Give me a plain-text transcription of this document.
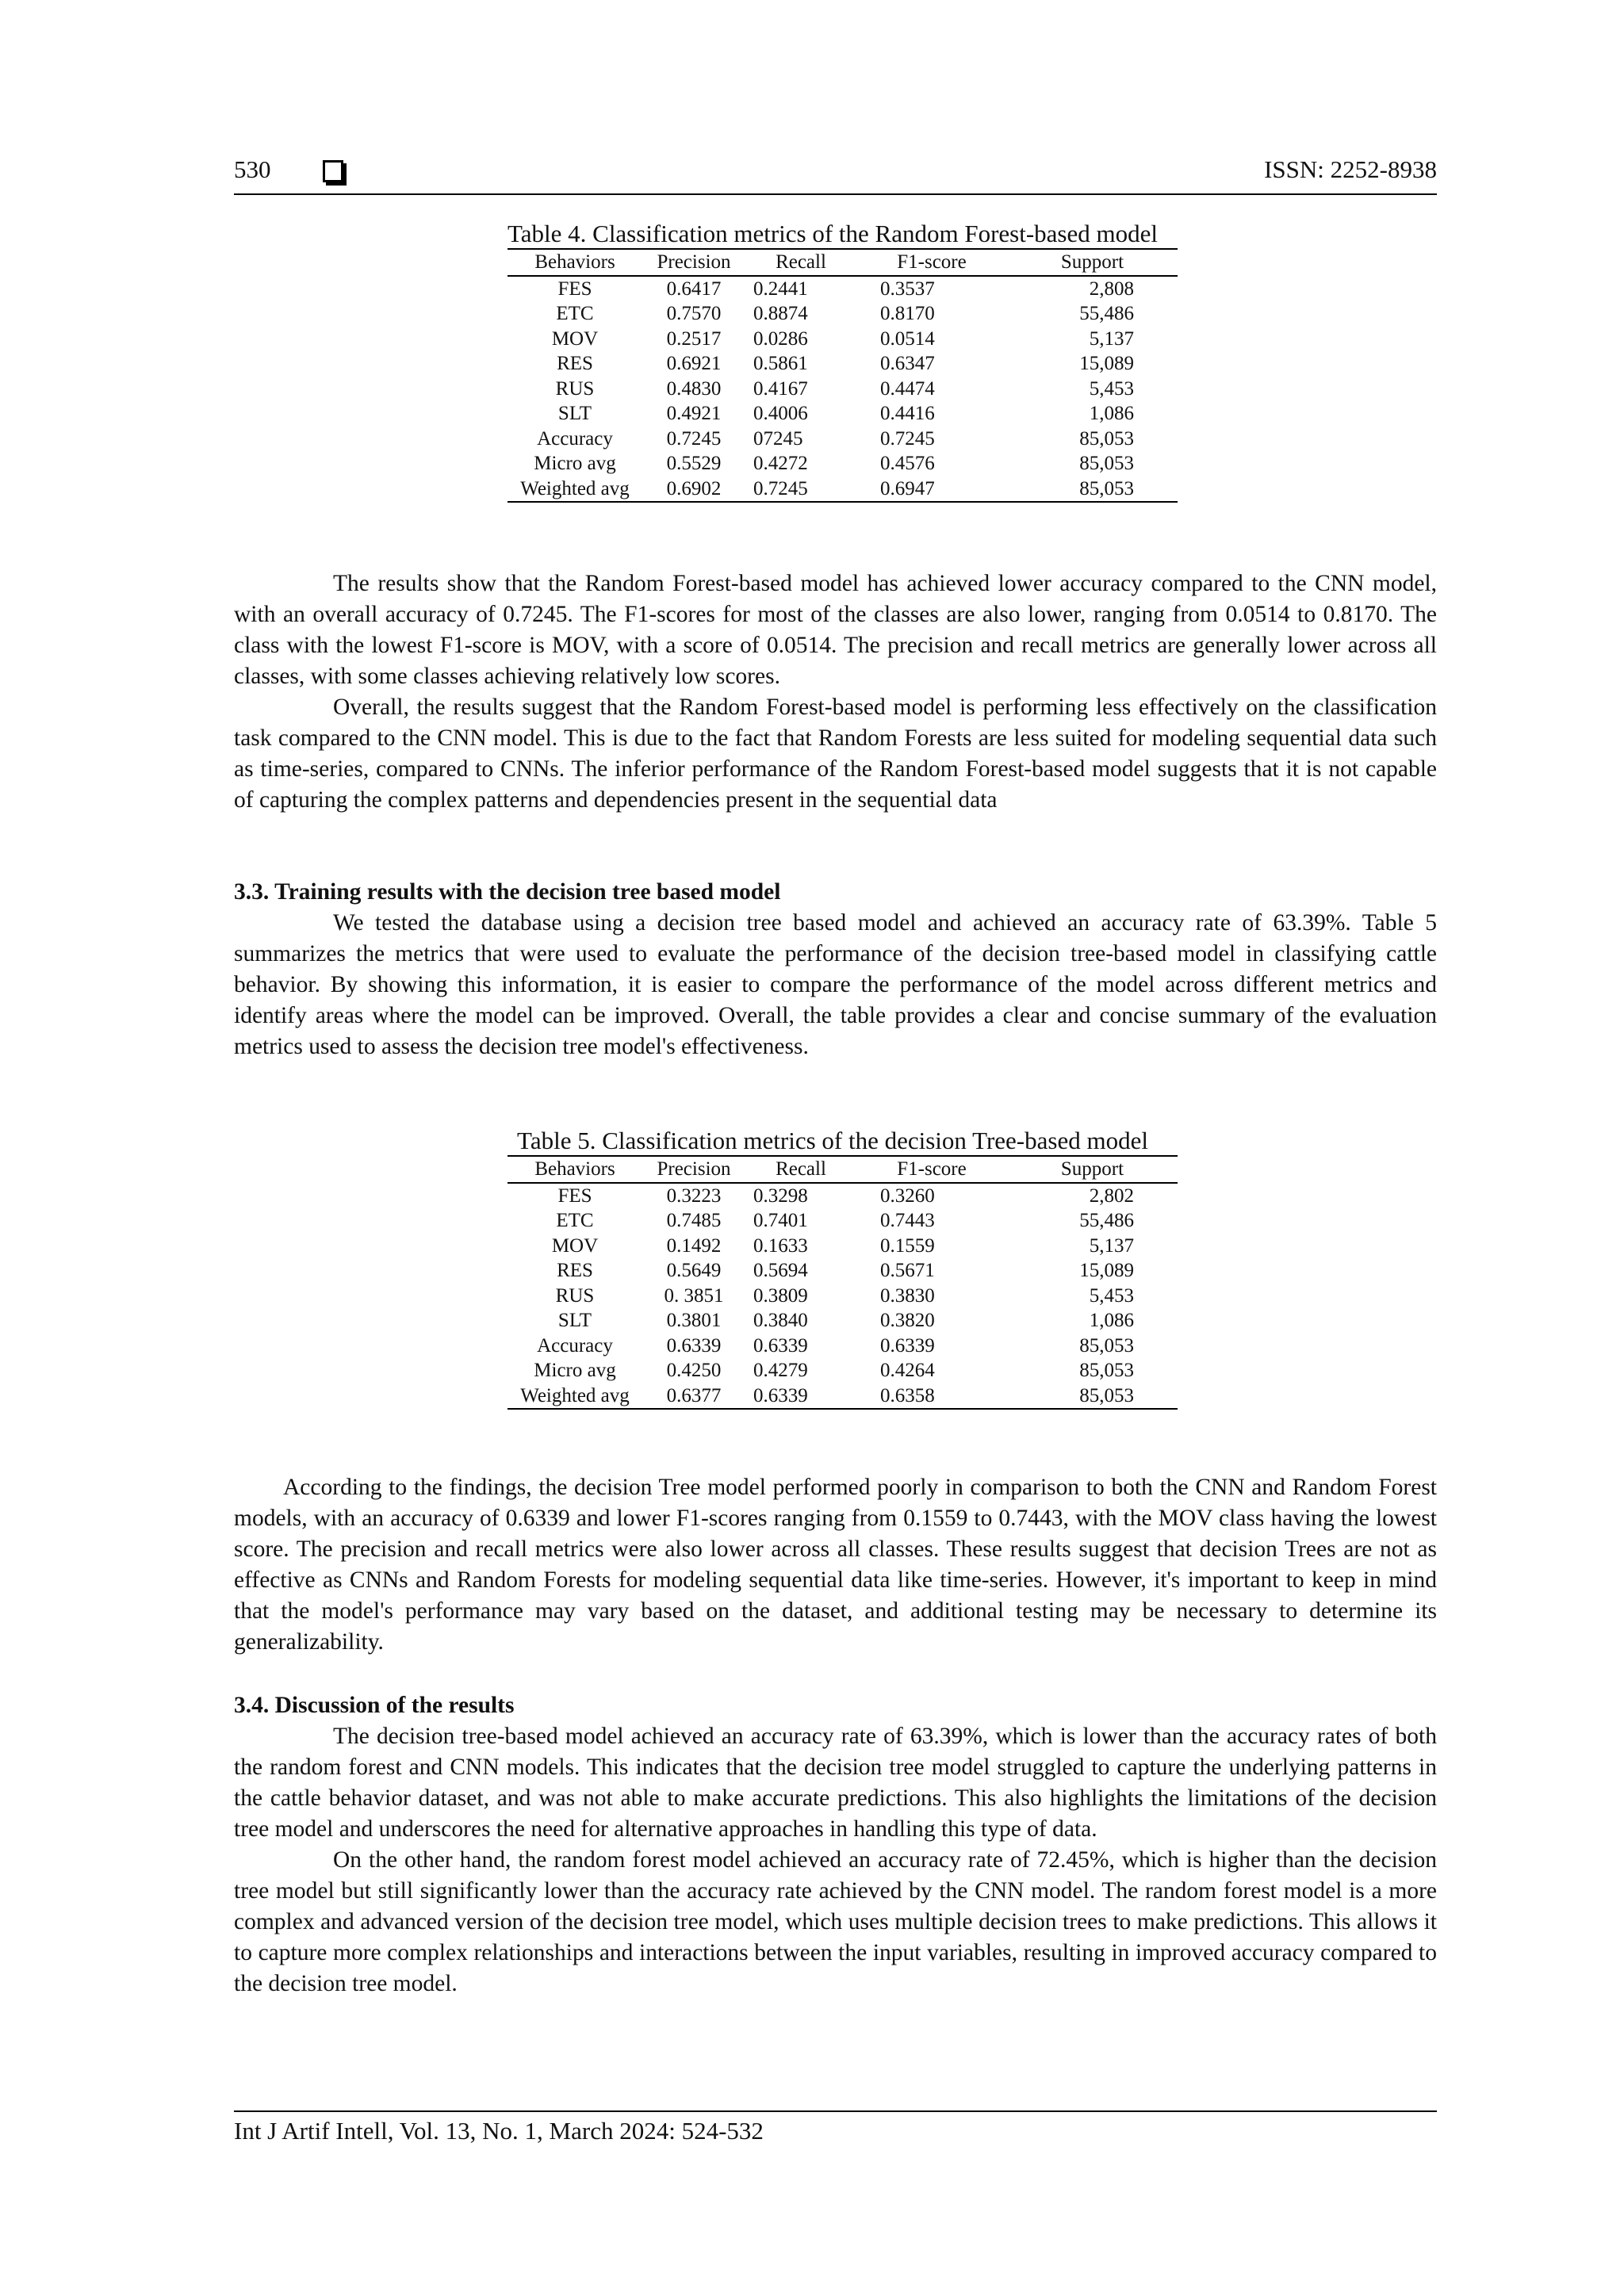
530	ISSN: 2252-8938
Table 4. Classification metrics of the Random Forest-based model
Behaviors	Precision	Recall	F1-score	Support
FES	0.6417	0.2441	0.3537	2,808
ETC	0.7570	0.8874	0.8170	55,486
MOV	0.2517	0.0286	0.0514	5,137
RES	0.6921	0.5861	0.6347	15,089
RUS	0.4830	0.4167	0.4474	5,453
SLT	0.4921	0.4006	0.4416	1,086
Accuracy	0.7245	07245	0.7245	85,053
Micro avg	0.5529	0.4272	0.4576	85,053
Weighted avg	0.6902	0.7245	0.6947	85,053

The results show that the Random Forest-based model has achieved lower accuracy compared to the CNN model, with an overall accuracy of 0.7245. The F1-scores for most of the classes are also lower, ranging from 0.0514 to 0.8170. The class with the lowest F1-score is MOV, with a score of 0.0514. The precision and recall metrics are generally lower across all classes, with some classes achieving relatively low scores.

Overall, the results suggest that the Random Forest-based model is performing less effectively on the classification task compared to the CNN model. This is due to the fact that Random Forests are less suited for modeling sequential data such as time-series, compared to CNNs. The inferior performance of the Random Forest-based model suggests that it is not capable of capturing the complex patterns and dependencies present in the sequential data

3.3. Training results with the decision tree based model

We tested the database using a decision tree based model and achieved an accuracy rate of 63.39%. Table 5 summarizes the metrics that were used to evaluate the performance of the decision tree-based model in classifying cattle behavior. By showing this information, it is easier to compare the performance of the model across different metrics and identify areas where the model can be improved. Overall, the table provides a clear and concise summary of the evaluation metrics used to assess the decision tree model's effectiveness.

Table 5. Classification metrics of the decision Tree-based model
Behaviors	Precision	Recall	F1-score	Support
FES	0.3223	0.3298	0.3260	2,802
ETC	0.7485	0.7401	0.7443	55,486
MOV	0.1492	0.1633	0.1559	5,137
RES	0.5649	0.5694	0.5671	15,089
RUS	0. 3851	0.3809	0.3830	5,453
SLT	0.3801	0.3840	0.3820	1,086
Accuracy	0.6339	0.6339	0.6339	85,053
Micro avg	0.4250	0.4279	0.4264	85,053
Weighted avg	0.6377	0.6339	0.6358	85,053

According to the findings, the decision Tree model performed poorly in comparison to both the CNN and Random Forest models, with an accuracy of 0.6339 and lower F1-scores ranging from 0.1559 to 0.7443, with the MOV class having the lowest score. The precision and recall metrics were also lower across all classes. These results suggest that decision Trees are not as effective as CNNs and Random Forests for modeling sequential data like time-series. However, it's important to keep in mind that the model's performance may vary based on the dataset, and additional testing may be necessary to determine its generalizability.

3.4. Discussion of the results

The decision tree-based model achieved an accuracy rate of 63.39%, which is lower than the accuracy rates of both the random forest and CNN models. This indicates that the decision tree model struggled to capture the underlying patterns in the cattle behavior dataset, and was not able to make accurate predictions. This also highlights the limitations of the decision tree model and underscores the need for alternative approaches in handling this type of data.

On the other hand, the random forest model achieved an accuracy rate of 72.45%, which is higher than the decision tree model but still significantly lower than the accuracy rate achieved by the CNN model. The random forest model is a more complex and advanced version of the decision tree model, which uses multiple decision trees to make predictions. This allows it to capture more complex relationships and interactions between the input variables, resulting in improved accuracy compared to the decision tree model.

Int J Artif Intell, Vol. 13, No. 1, March 2024: 524-532
